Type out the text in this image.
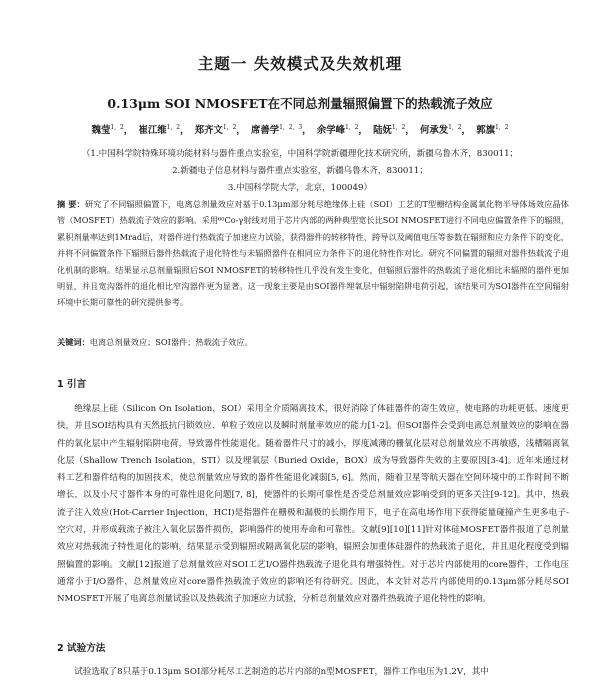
主题一 失效模式及失效机理
0.13μm SOI NMOSFET在不同总剂量辐照偏置下的热载流子效应
魏莹$^{1, 2}$， 崔江维$^{1, 2}$， 郑齐文$^{1, 2}$， 席善学$^{1, 2, 3}$， 余学峰$^{1, 2}$， 陆妩$^{1, 2}$， 何承发$^{1, 2}$， 郭旗$^{1, 2}$
（1.中国科学院特殊环境功能材料与器件重点实验室，中国科学院新疆理化技术研究所，新疆乌鲁木齐，830011；
2.新疆电子信息材料与器件重点实验室，新疆乌鲁木齐，830011；
3.中国科学院大学，北京，100049）

摘 要：研究了不同辐照偏置下，电离总剂量效应对基于0.13μm部分耗尽绝缘体上硅（SOI）工艺的T型栅结构金属氧化物半导体场效应晶体管（MOSFET）热载流子效应的影响。采用⁶⁰Co-γ射线对用于芯片内部的两种典型宽长比SOI NMOSFET进行不同电应偏置条件下的辐照，累积剂量率达到1Mrad后，对器件进行热载流子加速应力试验，获得器件的转移特性、跨导以及阈值电压等参数在辐照和应力条件下的变化，并将不同偏置条件下辐照后器件热载流子退化特性与未辐照器件在相同应力条件下的退化特性作对比。研究不同偏置的辐照对器件热载流子退化机制的影响。结果显示总剂量辐照后SOI NMOSFET的转移特性几乎没有发生变化，但辐照后器件的热载流子退化相比未辐照的器件更加明显，并且宽沟器件的退化相比窄沟器件更为显著。这一现象主要是由SOI器件埋氧层中辐射陷阱电荷引起，该结果可为SOI器件在空间辐射环境中长期可靠性的研究提供参考。

关键词：电离总剂量效应；SOI器件；热载流子效应。

1 引言

绝缘层上硅（Silicon On Isolation，SOI）采用全介质隔离技术，很好消除了体硅器件的寄生效应，使电路的功耗更低、速度更快，并且SOI结构具有天然抵抗闩锁效应、单粒子效应以及瞬时剂量率效应的能力[1-2]。但SOI器件会受到电离总剂量效应的影响在器件的氧化层中产生辐射陷阱电荷，导致器件性能退化。随着器件尺寸的减小，厚度减薄的栅氧化层对总剂量效应不再敏感，浅槽隔离氧化层（Shallow Trench Isolation，STI）以及埋氧层（Buried Oxide，BOX）成为导致器件失效的主要原因[3-4]。近年来通过材料工艺和器件结构的加固技术，使总剂量效应导致的器件性能退化减弱[5, 6]。然而，随着卫星等航天器在空间环境中的工作时间不断增长，以及小尺寸器件本身的可靠性退化问题[7, 8]，使器件的长期可靠性是否受总剂量效应影响受到的更多关注[9-12]。其中，热载流子注入效应(Hot-Carrier Injection，HCI)是指器件在栅极和漏极的长期作用下，电子在高电场作用下获得能量碰撞产生更多电子-空穴对，并形成载流子被注入氧化层器件损伤，影响器件的使用寿命和可靠性。文献[9][10][11]针对体硅MOSFET器件报道了总剂量效应对热载流子特性退化的影响，结果显示受到辐照或隔离氧化层的影响，辐照会加重体硅器件的热载流子退化，并且退化程度受到辐照偏置的影响。文献[12]报道了总剂量效应对SOI工艺I/O器件热载流子退化具有增强特性。对于芯片内部使用的core器件，工作电压通常小于I/O器件，总剂量效应对core器件热载流子效应的影响还有待研究。因此，本文针对芯片内部使用的0.13μm部分耗尽SOI NMOSFET开展了电离总剂量试验以及热载流子加速应力试验，分析总剂量效应对器件热载流子退化特性的影响。

2 试验方法

试验选取了8只基于0.13μm SOI部分耗尽工艺制造的芯片内部的n型MOSFET，器件工作电压为1.2V，其中
